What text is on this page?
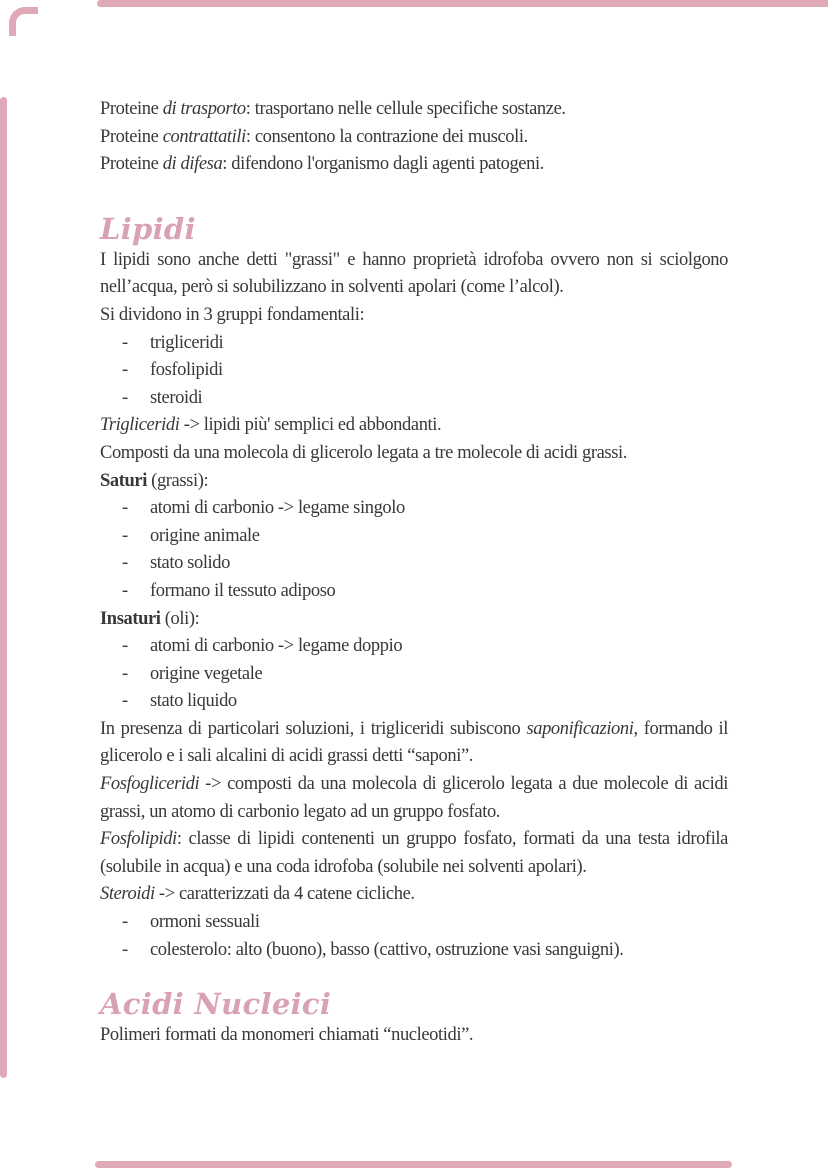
Proteine di trasporto: trasportano nelle cellule specifiche sostanze.

Proteine contrattatili: consentono la contrazione dei muscoli.

Proteine di difesa: difendono l'organismo dagli agenti patogeni.

Lipidi

I lipidi sono anche detti "grassi" e hanno proprietà idrofoba ovvero non si sciolgono nell’acqua, però si solubilizzano in solventi apolari (come l’alcol).

Si dividono in 3 gruppi fondamentali:

- trigliceridi
- fosfolipidi
- steroidi

Trigliceridi -> lipidi più' semplici ed abbondanti.

Composti da una molecola di glicerolo legata a tre molecole di acidi grassi.

Saturi (grassi):

- atomi di carbonio -> legame singolo
- origine animale
- stato solido
- formano il tessuto adiposo

Insaturi (oli):

- atomi di carbonio -> legame doppio
- origine vegetale
- stato liquido

In presenza di particolari soluzioni, i trigliceridi subiscono saponificazioni, formando il glicerolo e i sali alcalini di acidi grassi detti “saponi”.

Fosfogliceridi -> composti da una molecola di glicerolo legata a due molecole di acidi grassi, un atomo di carbonio legato ad un gruppo fosfato.

Fosfolipidi: classe di lipidi contenenti un gruppo fosfato, formati da una testa idrofila (solubile in acqua) e una coda idrofoba (solubile nei solventi apolari).

Steroidi -> caratterizzati da 4 catene cicliche.

- ormoni sessuali
- colesterolo: alto (buono), basso (cattivo, ostruzione vasi sanguigni).
Acidi Nucleici

Polimeri formati da monomeri chiamati “nucleotidi”.
